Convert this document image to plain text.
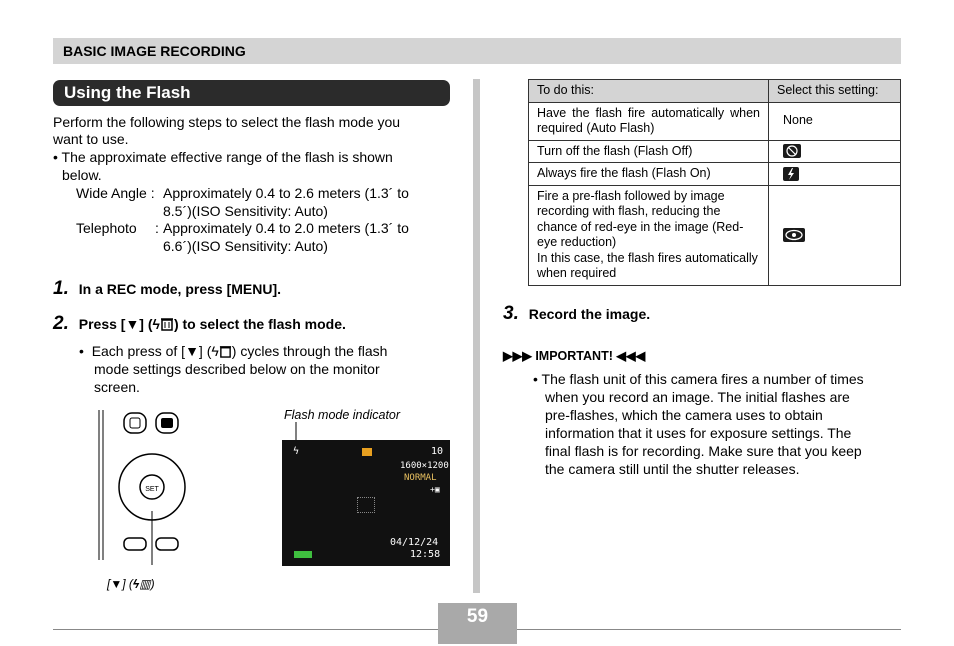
BASIC IMAGE RECORDING
Using the Flash
Perform the following steps to select the flash mode you
want to use.
• The approximate effective range of the flash is shown
below.
Wide Angle : Approximately 0.4 to 2.6 meters (1.3´ to
8.5´)(ISO Sensitivity: Auto)
Telephoto : Approximately 0.4 to 2.0 meters (1.3´ to
6.6´)(ISO Sensitivity: Auto)
1. In a REC mode, press [MENU].
2. Press [▼] (ϟ ) to select the flash mode.
•  Each press of [▼] (ϟ ) cycles through the flash
mode settings described below on the monitor
screen.
SET
[▼] (ϟ▥)
Flash mode indicator
ϟ	10
1600×1200
NORMAL
+▣
04/12/24
12:58
To do this:	Select this setting:
Have the flash fire automatically when required (Auto Flash)	None
Turn off the flash (Flash Off)	
Always fire the flash (Flash On)	

Fire a pre-flash followed by image recording with flash, reducing the chance of red-eye in the image (Red-eye reduction)
In this case, the flash fires automatically when required

3. Record the image.
▶▶▶ IMPORTANT! ◀◀◀
• The flash unit of this camera fires a number of times
when you record an image. The initial flashes are
pre-flashes, which the camera uses to obtain
information that it uses for exposure settings. The
final flash is for recording. Make sure that you keep
the camera still until the shutter releases.
59
